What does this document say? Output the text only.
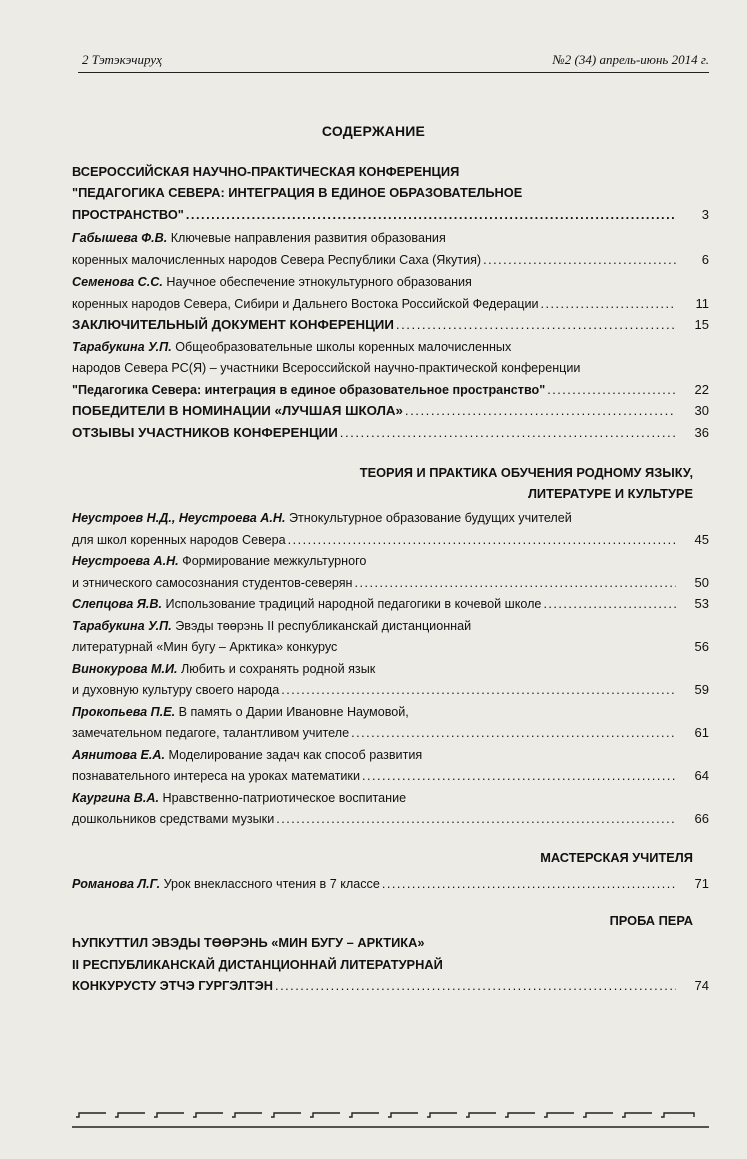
2 Тэтэкэчируҳ	№2 (34) апрель-июнь 2014 г.
СОДЕРЖАНИЕ
ВСЕРОССИЙСКАЯ НАУЧНО-ПРАКТИЧЕСКАЯ КОНФЕРЕНЦИЯ
"ПЕДАГОГИКА СЕВЕРА: ИНТЕГРАЦИЯ В ЕДИНОЕ ОБРАЗОВАТЕЛЬНОЕ
ПРОСТРАНСТВО" .....	3
Габышева Ф.В. Ключевые направления развития образования
коренных малочисленных народов Севера Республики Саха (Якутия) .....	6
Семенова С.С. Научное обеспечение этнокультурного образования
коренных народов Севера, Сибири и Дальнего Востока Российской Федерации .....	11
ЗАКЛЮЧИТЕЛЬНЫЙ ДОКУМЕНТ КОНФЕРЕНЦИИ .....	15
Тарабукина У.П. Общеобразовательные школы коренных малочисленных
народов Севера РС(Я) – участники Всероссийской научно-практической конференции
"Педагогика Севера: интеграция в единое образовательное пространство" .....	22
ПОБЕДИТЕЛИ В НОМИНАЦИИ «ЛУЧШАЯ ШКОЛА» .....	30
ОТЗЫВЫ УЧАСТНИКОВ КОНФЕРЕНЦИИ .....	36
ТЕОРИЯ И ПРАКТИКА ОБУЧЕНИЯ РОДНОМУ ЯЗЫКУ,
ЛИТЕРАТУРЕ И КУЛЬТУРЕ
Неустроев Н.Д., Неустроева А.Н. Этнокультурное образование будущих учителей
для школ коренных народов Севера .....	45
Неустроева А.Н. Формирование межкультурного
и этнического самосознания студентов-северян .....	50
Слепцова Я.В. Использование традиций народной педагогики в кочевой школе .....	53
Тарабукина У.П. Эвэды төөрэнь II республиканскай дистанционнай
литературнай «Мин бугу – Арктика» конкурус	56
Винокурова М.И. Любить и сохранять родной язык
и духовную культуру своего народа .....	59
Прокопьева П.Е. В память о Дарии Ивановне Наумовой,
замечательном педагоге, талантливом учителе .....	61
Аянитова Е.А. Моделирование задач как способ развития
познавательного интереса на уроках математики .....	64
Каургина В.А. Нравственно-патриотическое воспитание
дошкольников средствами музыки .....	66
МАСТЕРСКАЯ УЧИТЕЛЯ
Романова Л.Г. Урок внеклассного чтения в 7 классе .....	71
ПРОБА ПЕРА
ҺУПКУТТИЛ ЭВЭДЫ ТӨӨРЭНЬ «МИН БУГУ – АРКТИКА»
II РЕСПУБЛИКАНСКАЙ ДИСТАНЦИОННАЙ ЛИТЕРАТУРНАЙ
КОНКУРУСТУ ЭТЧЭ ГУРГЭЛТЭН .....	74
